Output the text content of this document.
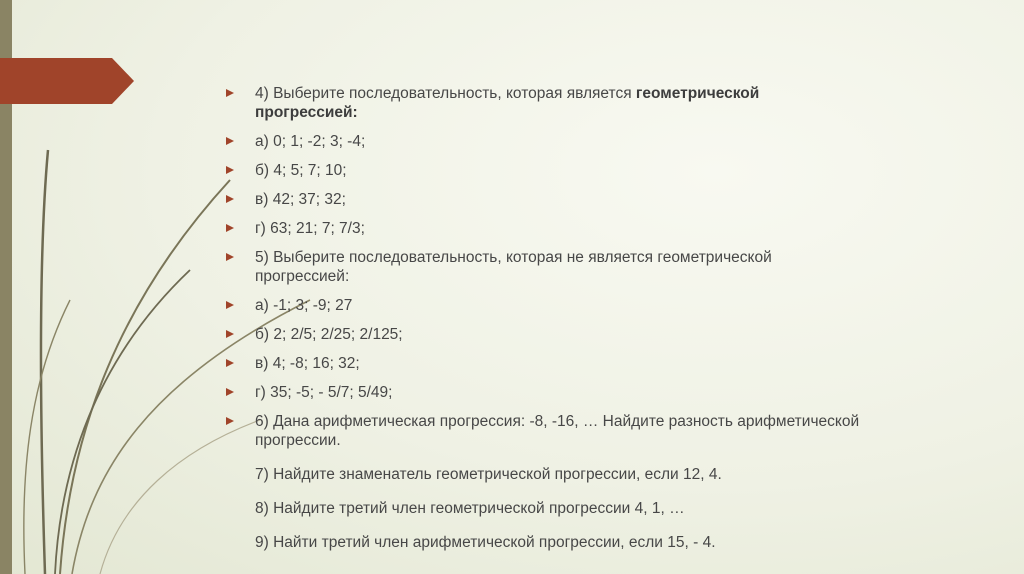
4) Выберите последовательность, которая является геометрической прогрессией:
а) 0; 1; -2; 3; -4;
б) 4; 5; 7; 10;
в) 42; 37; 32;
г) 63; 21; 7; 7/3;
5) Выберите последовательность, которая не является геометрической прогрессией:
а) -1; 3; -9; 27
б) 2; 2/5; 2/25; 2/125;
в) 4; -8; 16; 32;
г) 35; -5; - 5/7; 5/49;
6) Дана арифметическая прогрессия: -8, -16, … Найдите разность арифметической прогрессии.
7) Найдите знаменатель геометрической прогрессии, если 12, 4.
8) Найдите третий член геометрической прогрессии 4, 1, …
9) Найти третий член арифметической прогрессии, если 15, - 4.
